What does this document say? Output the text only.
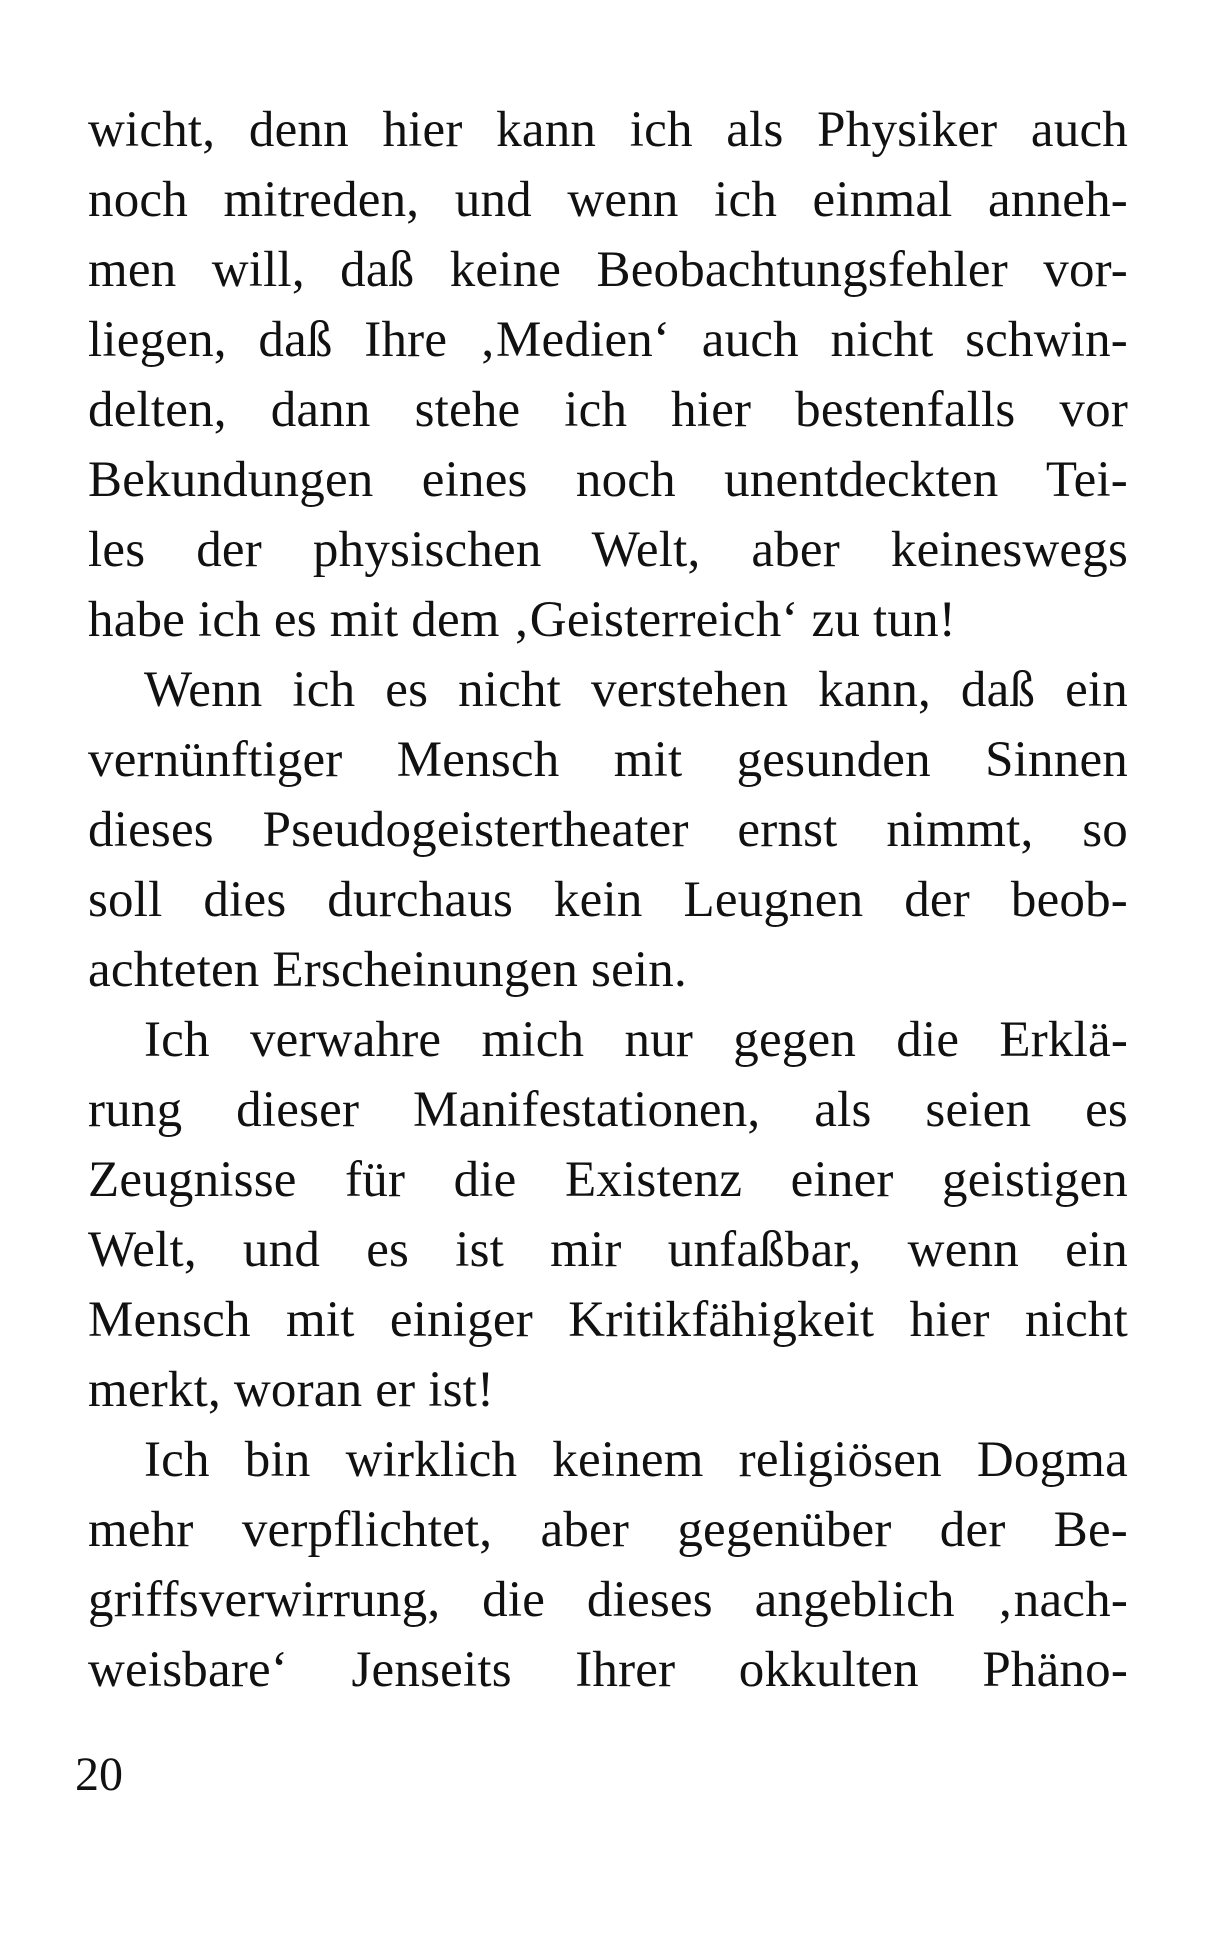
wicht, denn hier kann ich als Physiker auch
noch mitreden, und wenn ich einmal anneh-
men will, daß keine Beobachtungsfehler vor-
liegen, daß Ihre ‚Medien‘ auch nicht schwin-
delten, dann stehe ich hier bestenfalls vor
Bekundungen eines noch unentdeckten Tei-
les der physischen Welt, aber keineswegs
habe ich es mit dem ‚Geisterreich‘ zu tun!
Wenn ich es nicht verstehen kann, daß ein
vernünftiger Mensch mit gesunden Sinnen
dieses Pseudogeistertheater ernst nimmt, so
soll dies durchaus kein Leugnen der beob-
achteten Erscheinungen sein.
Ich verwahre mich nur gegen die Erklä-
rung dieser Manifestationen, als seien es
Zeugnisse für die Existenz einer geistigen
Welt, und es ist mir unfaßbar, wenn ein
Mensch mit einiger Kritikfähigkeit hier nicht
merkt, woran er ist!
Ich bin wirklich keinem religiösen Dogma
mehr verpflichtet, aber gegenüber der Be-
griffsverwirrung, die dieses angeblich ‚nach-
weisbare‘ Jenseits Ihrer okkulten Phäno-
20
